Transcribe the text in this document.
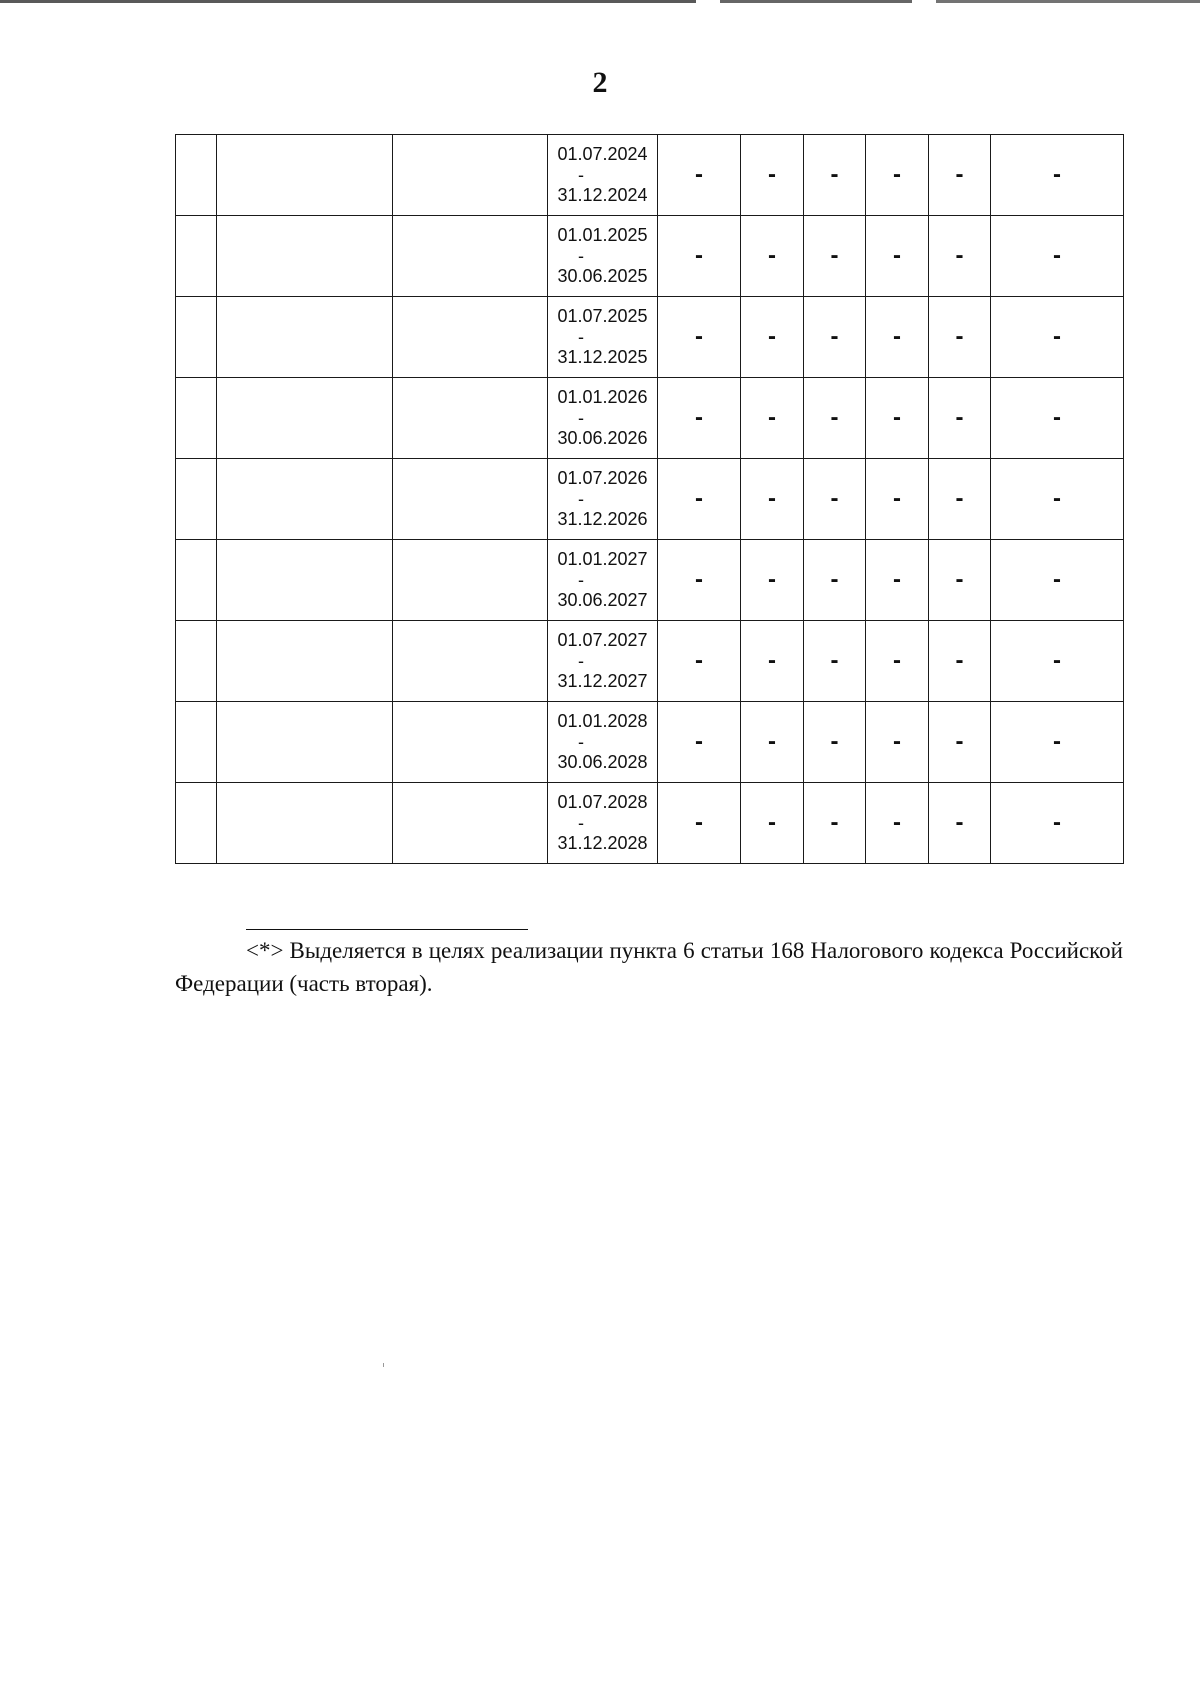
2

			01.07.2024
-
31.12.2024	-	-	-	-	-	-

			01.01.2025
-
30.06.2025	-	-	-	-	-	-

			01.07.2025
-
31.12.2025	-	-	-	-	-	-

			01.01.2026
-
30.06.2026	-	-	-	-	-	-

			01.07.2026
-
31.12.2026	-	-	-	-	-	-

			01.01.2027
-
30.06.2027	-	-	-	-	-	-

			01.07.2027
-
31.12.2027	-	-	-	-	-	-

			01.01.2028
-
30.06.2028	-	-	-	-	-	-

			01.07.2028
-
31.12.2028	-	-	-	-	-	-
<*> Выделяется в целях реализации пункта 6 статьи 168 Налогового кодекса Российской Федерации (часть вторая).
